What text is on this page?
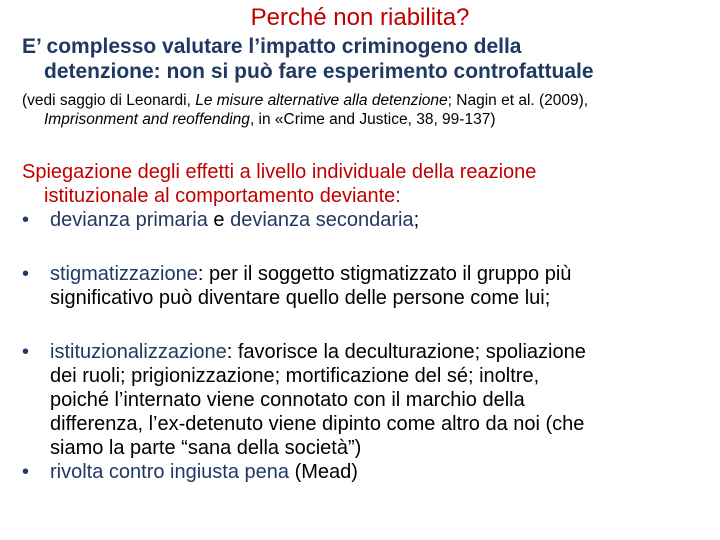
Perché non riabilita?
E’ complesso valutare l’impatto criminogeno della
detenzione: non si può fare esperimento controfattuale
(vedi saggio di Leonardi, Le misure alternative alla detenzione; Nagin et al. (2009),
Imprisonment and reoffending, in «Crime and Justice, 38, 99-137)
Spiegazione degli effetti a livello individuale della reazione
istituzionale al comportamento deviante:
•	devianza primaria e devianza secondaria;
•	stigmatizzazione: per il soggetto stigmatizzato il gruppo più
significativo può diventare quello delle persone come lui;
•	istituzionalizzazione: favorisce la deculturazione; spoliazione
dei ruoli; prigionizzazione; mortificazione del sé; inoltre,
poiché l’internato viene connotato con il marchio della
differenza, l’ex-detenuto viene dipinto come altro da noi (che
siamo la parte “sana della società”)
•	rivolta contro ingiusta pena (Mead)
